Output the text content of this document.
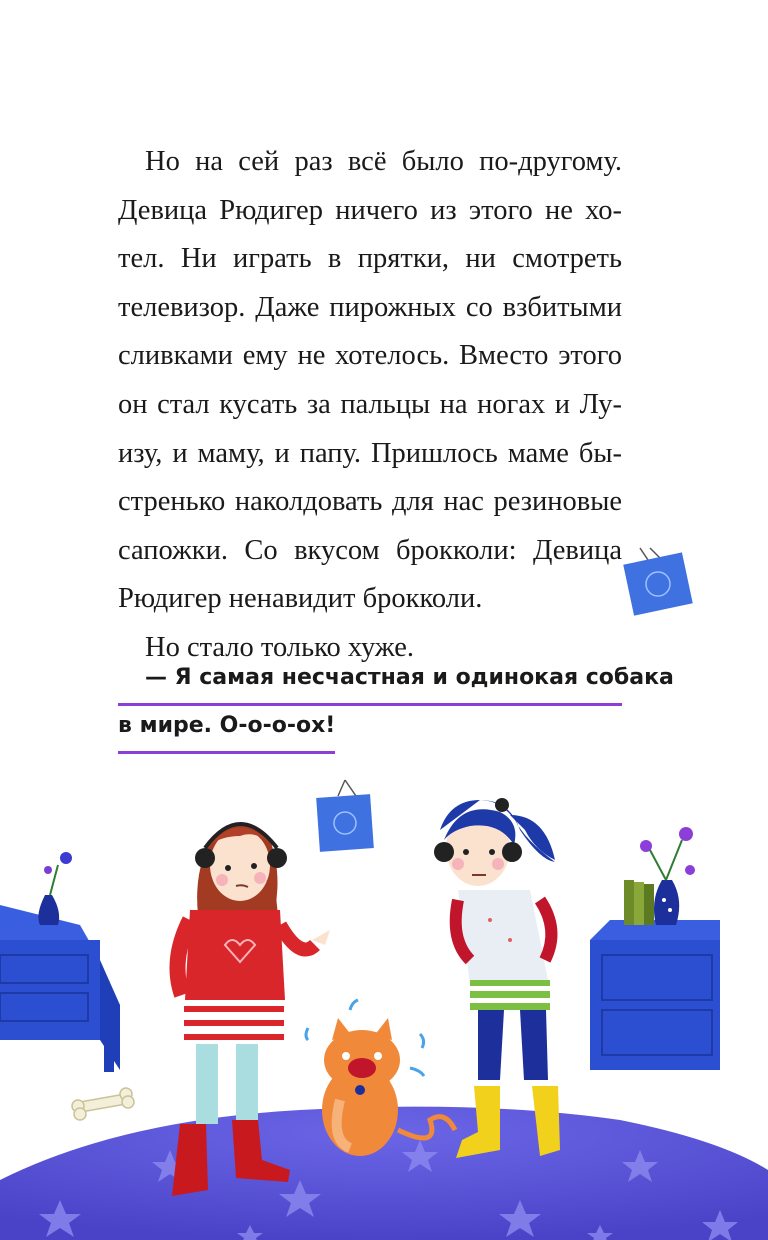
Но на сей раз всё было по-другому.
Девица Рюдигер ничего из этого не хо-
тел. Ни играть в прятки, ни смотреть
телевизор. Даже пирожных со взбитыми
сливками ему не хотелось. Вместо этого
он стал кусать за пальцы на ногах и Лу-
изу, и маму, и папу. Пришлось маме бы-
стренько наколдовать для нас резиновые
сапожки. Со вкусом брокколи: Девица
Рюдигер ненавидит брокколи.
Но стало только хуже.
— Я самая несчастная и одинокая собака
в мире. О-о-о-ох!
